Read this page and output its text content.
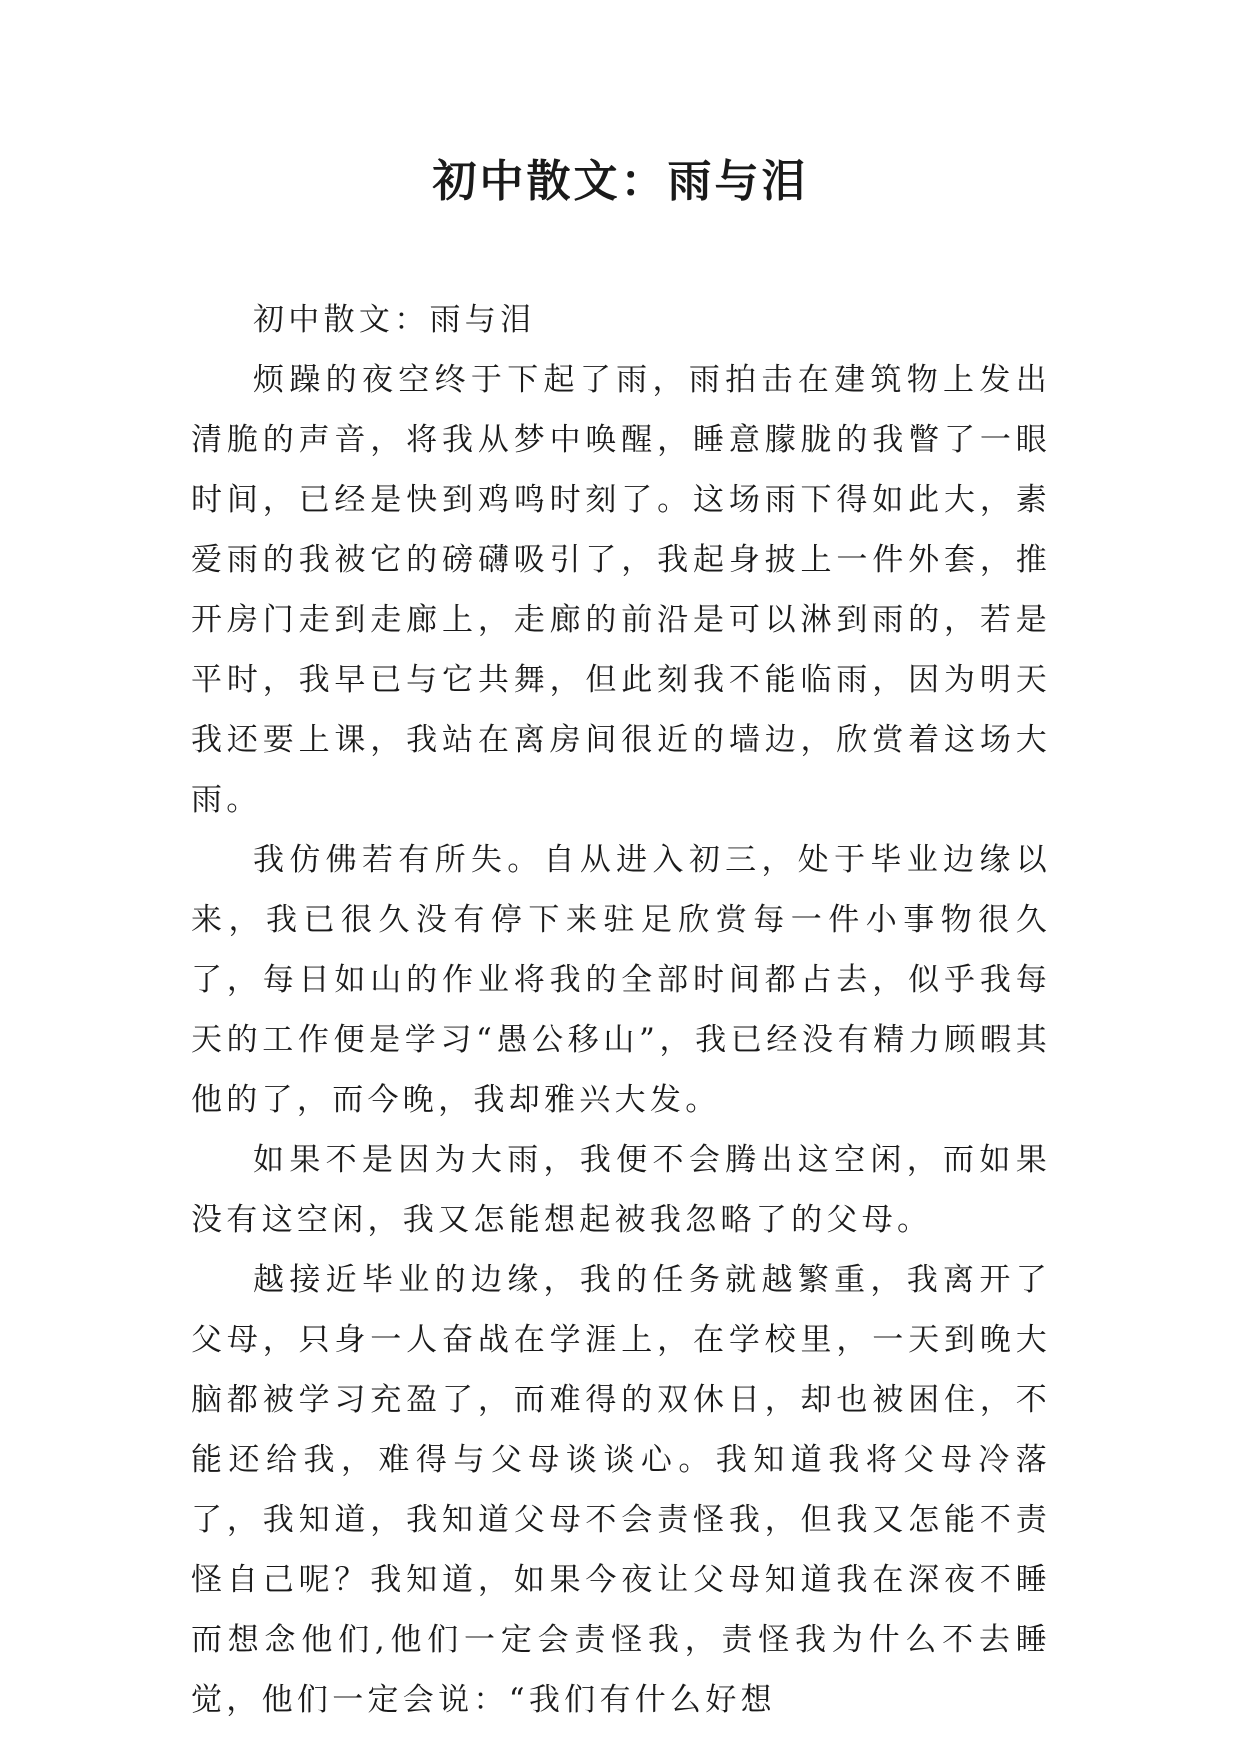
初中散文：雨与泪

初中散文：雨与泪

烦躁的夜空终于下起了雨，雨拍击在建筑物上发出清脆的声音，将我从梦中唤醒，睡意朦胧的我瞥了一眼时间，已经是快到鸡鸣时刻了。这场雨下得如此大，素爱雨的我被它的磅礴吸引了，我起身披上一件外套，推开房门走到走廊上，走廊的前沿是可以淋到雨的，若是平时，我早已与它共舞，但此刻我不能临雨，因为明天我还要上课，我站在离房间很近的墙边，欣赏着这场大雨。

我仿佛若有所失。自从进入初三，处于毕业边缘以来，我已很久没有停下来驻足欣赏每一件小事物很久了，每日如山的作业将我的全部时间都占去，似乎我每天的工作便是学习“愚公移山”，我已经没有精力顾暇其他的了，而今晚，我却雅兴大发。

如果不是因为大雨，我便不会腾出这空闲，而如果没有这空闲，我又怎能想起被我忽略了的父母。

越接近毕业的边缘，我的任务就越繁重，我离开了父母，只身一人奋战在学涯上，在学校里，一天到晚大脑都被学习充盈了，而难得的双休日，却也被困住，不能还给我，难得与父母谈谈心。我知道我将父母冷落了，我知道，我知道父母不会责怪我，但我又怎能不责怪自己呢？我知道，如果今夜让父母知道我在深夜不睡而想念他们,他们一定会责怪我，责怪我为什么不去睡觉，他们一定会说：“我们有什么好想
